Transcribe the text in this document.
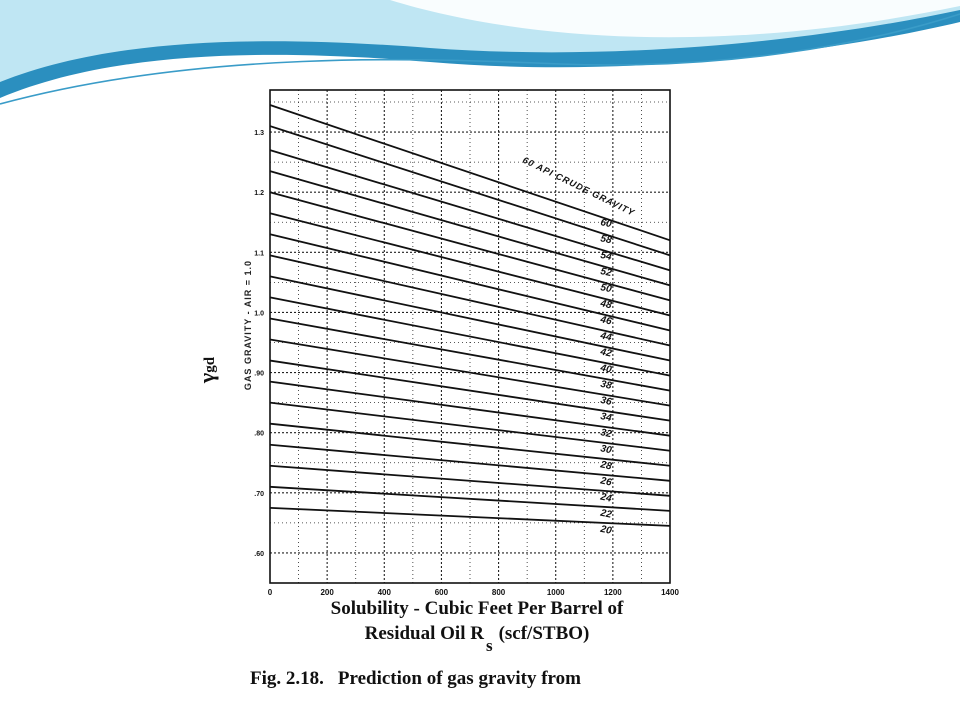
60
58
54
52
50
48
46
44
42
40
38
36
34
32
30
28
26
24
22
20
60 API CRUDE GRAVITY
0	200	400	600	800	1000	1200	1400
.60
.70
.80
.90
1.0
1.1
1.2
1.3
γgd	GAS GRAVITY - AIR = 1.0
Solubility - Cubic Feet Per Barrel of
Residual Oil Rs(scf/STBO)
Fig. 2.18. Prediction of gas gravity from
